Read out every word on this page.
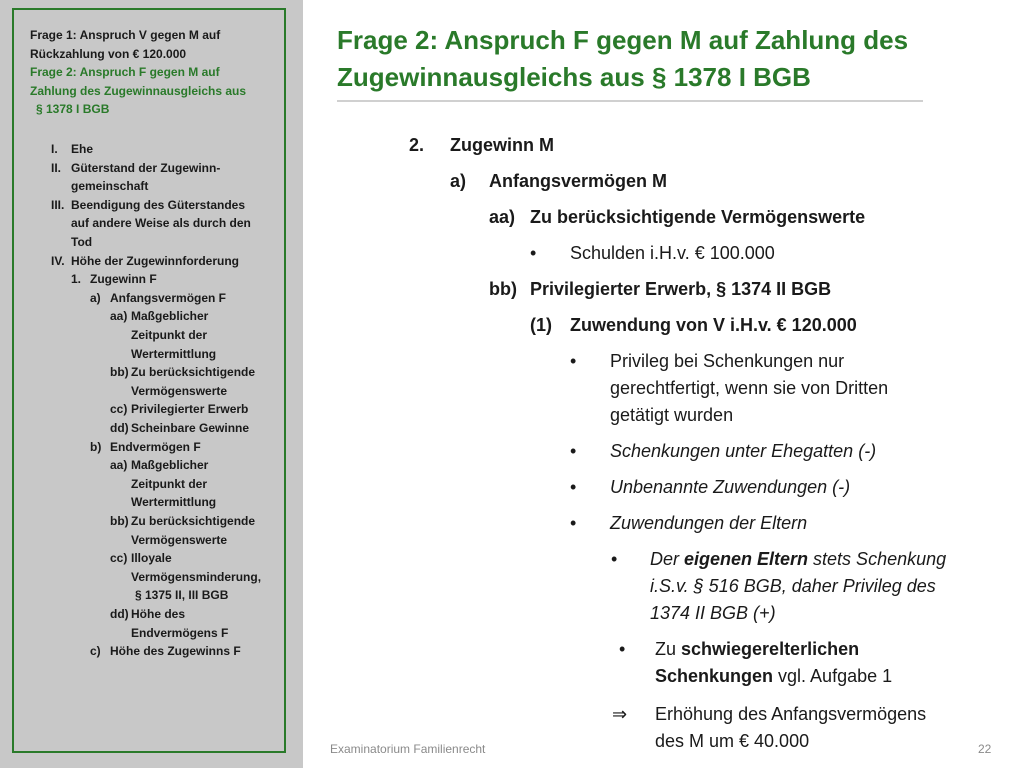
Frage 1: Anspruch V gegen M auf
Rückzahlung von € 120.000
Frage 2: Anspruch F gegen M auf
Zahlung des Zugewinnausgleichs aus
§ 1378 I BGB
I. Ehe
II. Güterstand der Zugewinn-
gemeinschaft
III. Beendigung des Güterstandes
auf andere Weise als durch den
Tod
IV. Höhe der Zugewinnforderung
1. Zugewinn F
a) Anfangsvermögen F
aa) Maßgeblicher
Zeitpunkt der
Wertermittlung
bb) Zu berücksichtigende
Vermögenswerte
cc) Privilegierter Erwerb
dd) Scheinbare Gewinne
b) Endvermögen F
aa) Maßgeblicher
Zeitpunkt der
Wertermittlung
bb) Zu berücksichtigende
Vermögenswerte
cc) Illoyale
Vermögensminderung,
§ 1375 II, III BGB
dd) Höhe des
Endvermögens F
c) Höhe des Zugewinns F
Frage 2: Anspruch F gegen M auf Zahlung des
Zugewinnausgleichs aus § 1378 I BGB
2. Zugewinn M
a) Anfangsvermögen M
aa) Zu berücksichtigende Vermögenswerte
• Schulden i.H.v. € 100.000
bb) Privilegierter Erwerb, § 1374 II BGB
(1) Zuwendung von V i.H.v. € 120.000
• Privileg bei Schenkungen nur
gerechtfertigt, wenn sie von Dritten
getätigt wurden
• Schenkungen unter Ehegatten (-)
• Unbenannte Zuwendungen (-)
• Zuwendungen der Eltern
• Der eigenen Eltern stets Schenkung
i.S.v. § 516 BGB, daher Privileg des
1374 II BGB (+)
• Zu schwiegerelterlichen
Schenkungen vgl. Aufgabe 1
⇒ Erhöhung des Anfangsvermögens
des M um € 40.000
Examinatorium Familienrecht	22
